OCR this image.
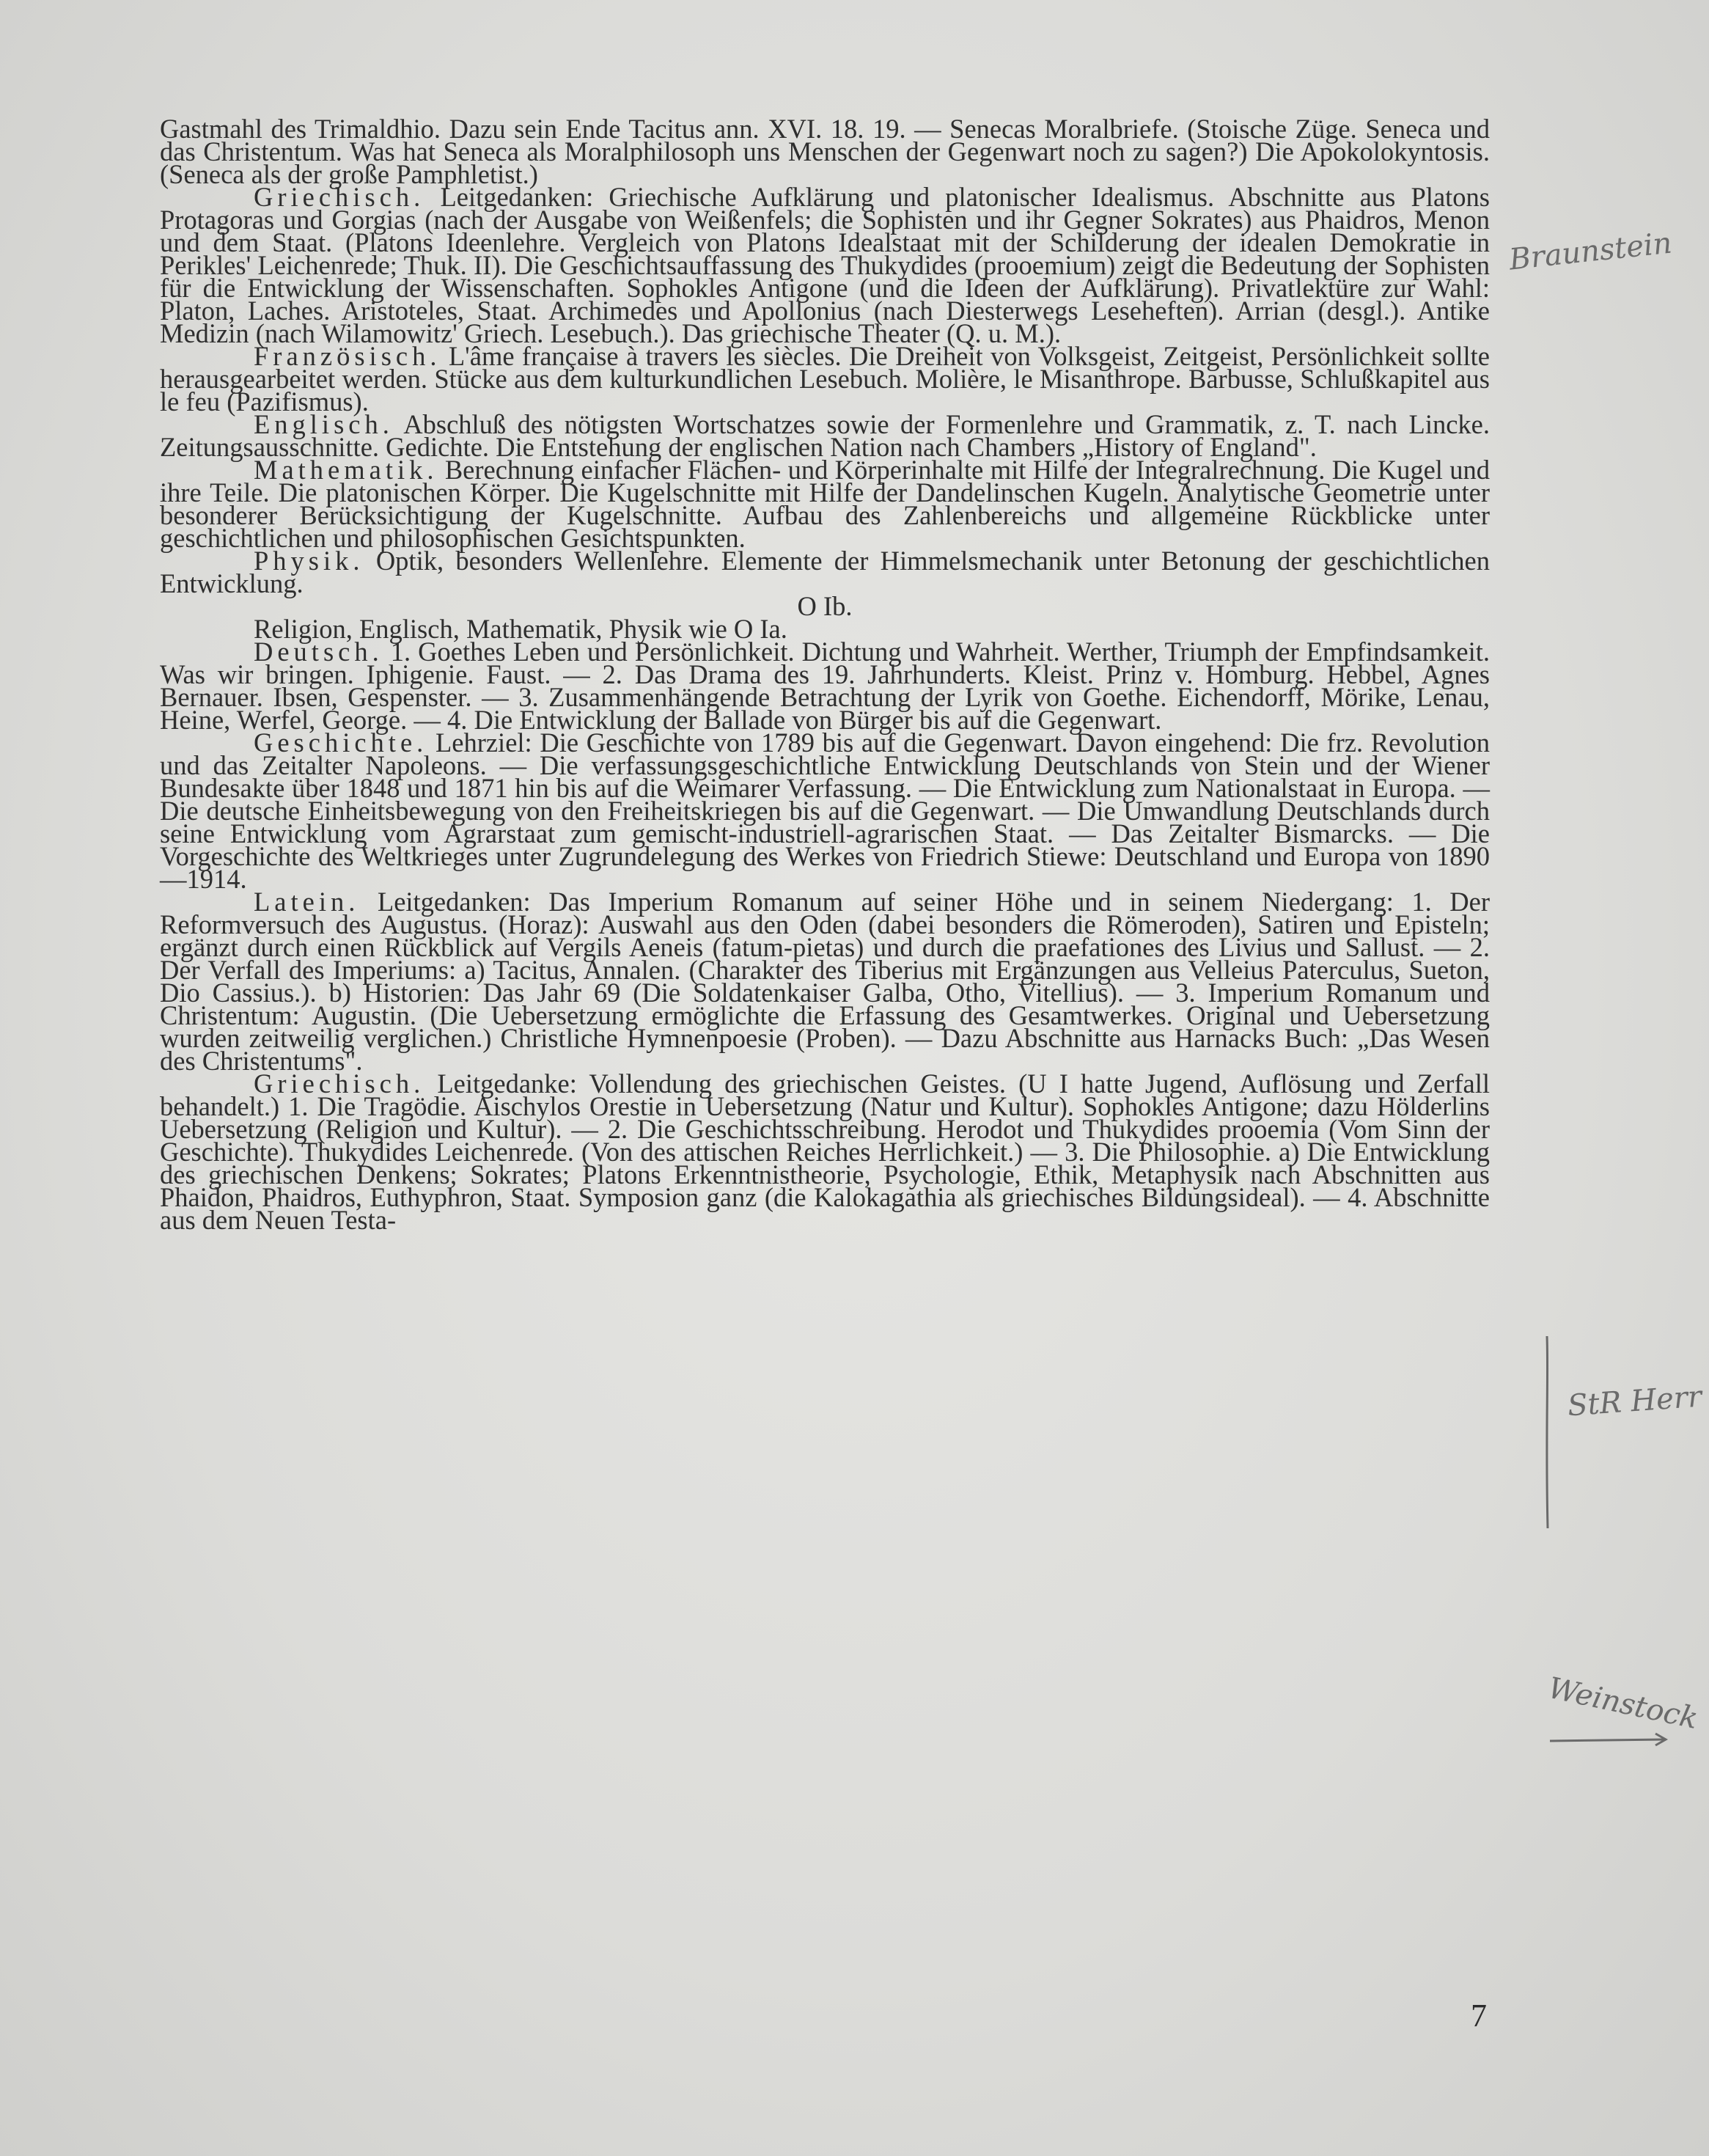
Gastmahl des Trimaldhio. Dazu sein Ende Tacitus ann. XVI. 18. 19. — Senecas Moralbriefe. (Stoische Züge. Seneca und das Christentum. Was hat Seneca als Moralphilosoph uns Menschen der Gegenwart noch zu sagen?) Die Apokolokyntosis. (Seneca als der große Pamphletist.)

Griechisch. Leitgedanken: Griechische Aufklärung und platonischer Idealismus. Abschnitte aus Platons Protagoras und Gorgias (nach der Ausgabe von Weißenfels; die Sophisten und ihr Gegner Sokrates) aus Phaidros, Menon und dem Staat. (Platons Ideenlehre. Vergleich von Platons Idealstaat mit der Schilderung der idealen Demokratie in Perikles' Leichenrede; Thuk. II). Die Geschichtsauffassung des Thukydides (prooemium) zeigt die Bedeutung der Sophisten für die Entwicklung der Wissenschaften. Sophokles Antigone (und die Ideen der Aufklärung). Privatlektüre zur Wahl: Platon, Laches. Aristoteles, Staat. Archimedes und Apollonius (nach Diesterwegs Leseheften). Arrian (desgl.). Antike Medizin (nach Wilamowitz' Griech. Lesebuch.). Das griechische Theater (Q. u. M.).

Französisch. L'âme française à travers les siècles. Die Dreiheit von Volksgeist, Zeitgeist, Persönlichkeit sollte herausgearbeitet werden. Stücke aus dem kulturkundlichen Lesebuch. Molière, le Misanthrope. Barbusse, Schlußkapitel aus le feu (Pazifismus).

Englisch. Abschluß des nötigsten Wortschatzes sowie der Formenlehre und Grammatik, z. T. nach Lincke. Zeitungsausschnitte. Gedichte. Die Entstehung der englischen Nation nach Chambers „History of England".

Mathematik. Berechnung einfacher Flächen- und Körperinhalte mit Hilfe der Integralrechnung. Die Kugel und ihre Teile. Die platonischen Körper. Die Kugelschnitte mit Hilfe der Dandelinschen Kugeln. Analytische Geometrie unter besonderer Berücksichtigung der Kugelschnitte. Aufbau des Zahlenbereichs und allgemeine Rückblicke unter geschichtlichen und philosophischen Gesichtspunkten.

Physik. Optik, besonders Wellenlehre. Elemente der Himmelsmechanik unter Betonung der geschichtlichen Entwicklung.

O Ib.

Religion, Englisch, Mathematik, Physik wie O Ia.

Deutsch. 1. Goethes Leben und Persönlichkeit. Dichtung und Wahrheit. Werther, Triumph der Empfindsamkeit. Was wir bringen. Iphigenie. Faust. — 2. Das Drama des 19. Jahrhunderts. Kleist. Prinz v. Homburg. Hebbel, Agnes Bernauer. Ibsen, Gespenster. — 3. Zusammenhängende Betrachtung der Lyrik von Goethe. Eichendorff, Mörike, Lenau, Heine, Werfel, George. — 4. Die Entwicklung der Ballade von Bürger bis auf die Gegenwart.

Geschichte. Lehrziel: Die Geschichte von 1789 bis auf die Gegenwart. Davon eingehend: Die frz. Revolution und das Zeitalter Napoleons. — Die verfassungsgeschichtliche Entwicklung Deutschlands von Stein und der Wiener Bundesakte über 1848 und 1871 hin bis auf die Weimarer Verfassung. — Die Entwicklung zum Nationalstaat in Europa. — Die deutsche Einheitsbewegung von den Freiheitskriegen bis auf die Gegenwart. — Die Umwandlung Deutschlands durch seine Entwicklung vom Agrarstaat zum gemischt-industriell-agrarischen Staat. — Das Zeitalter Bismarcks. — Die Vorgeschichte des Weltkrieges unter Zugrundelegung des Werkes von Friedrich Stiewe: Deutschland und Europa von 1890—1914.

Latein. Leitgedanken: Das Imperium Romanum auf seiner Höhe und in seinem Niedergang: 1. Der Reformversuch des Augustus. (Horaz): Auswahl aus den Oden (dabei besonders die Römeroden), Satiren und Episteln; ergänzt durch einen Rückblick auf Vergils Aeneis (fatum-pietas) und durch die praefationes des Livius und Sallust. — 2. Der Verfall des Imperiums: a) Tacitus, Annalen. (Charakter des Tiberius mit Ergänzungen aus Velleius Paterculus, Sueton, Dio Cassius.). b) Historien: Das Jahr 69 (Die Soldatenkaiser Galba, Otho, Vitellius). — 3. Imperium Romanum und Christentum: Augustin. (Die Uebersetzung ermöglichte die Erfassung des Gesamtwerkes. Original und Uebersetzung wurden zeitweilig verglichen.) Christliche Hymnenpoesie (Proben). — Dazu Abschnitte aus Harnacks Buch: „Das Wesen des Christentums".

Griechisch. Leitgedanke: Vollendung des griechischen Geistes. (U I hatte Jugend, Auflösung und Zerfall behandelt.) 1. Die Tragödie. Aischylos Orestie in Uebersetzung (Natur und Kultur). Sophokles Antigone; dazu Hölderlins Uebersetzung (Religion und Kultur). — 2. Die Geschichtsschreibung. Herodot und Thukydides prooemia (Vom Sinn der Geschichte). Thukydides Leichenrede. (Von des attischen Reiches Herrlichkeit.) — 3. Die Philosophie. a) Die Entwicklung des griechischen Denkens; Sokrates; Platons Erkenntnistheorie, Psychologie, Ethik, Metaphysik nach Abschnitten aus Phaidon, Phaidros, Euthyphron, Staat. Symposion ganz (die Kalokagathia als griechisches Bildungsideal). — 4. Abschnitte aus dem Neuen Testa-

Braunstein
StR Herr
Weinstock
7
